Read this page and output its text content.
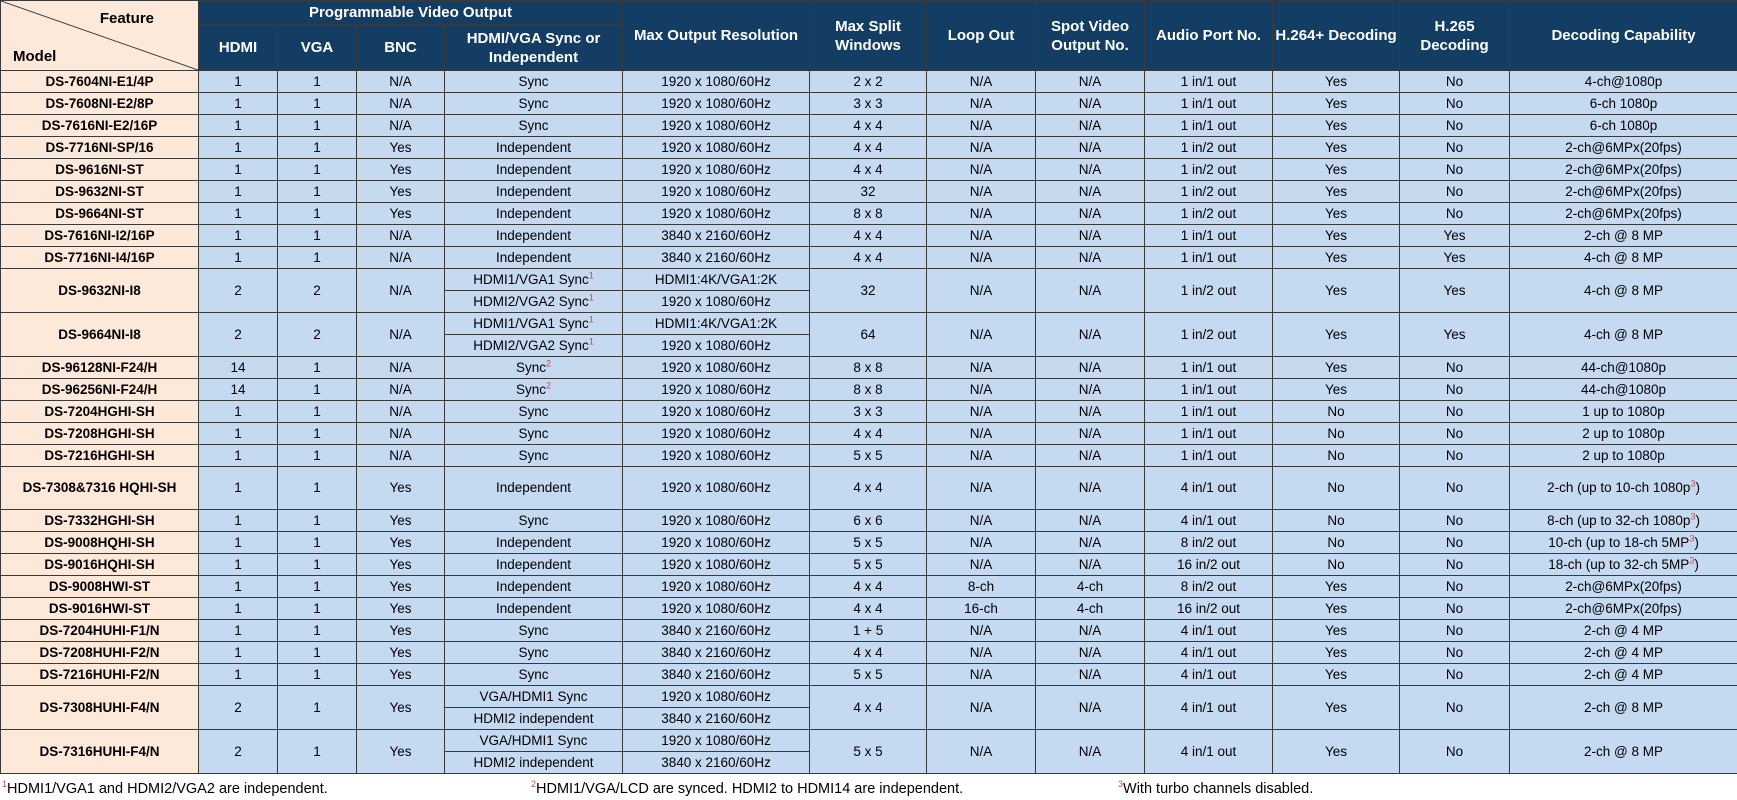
Feature
Model	Programmable Video Output				Max Output Resolution	Max Split Windows	Loop Out	Spot Video Output No.	Audio Port No.	H.264+ Decoding	H.265 Decoding	Decoding Capability
	HDMI	VGA	BNC	HDMI/VGA Sync or Independent								
DS-7604NI-E1/4P	1	1	N/A	Sync	1920 x 1080/60Hz	2 x 2	N/A	N/A	1 in/1 out	Yes	No	4-ch@1080p
DS-7608NI-E2/8P	1	1	N/A	Sync	1920 x 1080/60Hz	3 x 3	N/A	N/A	1 in/1 out	Yes	No	6-ch 1080p
DS-7616NI-E2/16P	1	1	N/A	Sync	1920 x 1080/60Hz	4 x 4	N/A	N/A	1 in/1 out	Yes	No	6-ch 1080p
DS-7716NI-SP/16	1	1	Yes	Independent	1920 x 1080/60Hz	4 x 4	N/A	N/A	1 in/2 out	Yes	No	2-ch@6MPx(20fps)
DS-9616NI-ST	1	1	Yes	Independent	1920 x 1080/60Hz	4 x 4	N/A	N/A	1 in/2 out	Yes	No	2-ch@6MPx(20fps)
DS-9632NI-ST	1	1	Yes	Independent	1920 x 1080/60Hz	32	N/A	N/A	1 in/2 out	Yes	No	2-ch@6MPx(20fps)
DS-9664NI-ST	1	1	Yes	Independent	1920 x 1080/60Hz	8 x 8	N/A	N/A	1 in/2 out	Yes	No	2-ch@6MPx(20fps)
DS-7616NI-I2/16P	1	1	N/A	Independent	3840 x 2160/60Hz	4 x 4	N/A	N/A	1 in/1 out	Yes	Yes	2-ch @ 8 MP
DS-7716NI-I4/16P	1	1	N/A	Independent	3840 x 2160/60Hz	4 x 4	N/A	N/A	1 in/1 out	Yes	Yes	4-ch @ 8 MP
DS-9632NI-I8	2	2	N/A	HDMI1/VGA1 Sync$^1$	HDMI1:4K/VGA1:2K	32	N/A	N/A	1 in/2 out	Yes	Yes	4-ch @ 8 MP
				HDMI2/VGA2 Sync$^1$	1920 x 1080/60Hz							
DS-9664NI-I8	2	2	N/A	HDMI1/VGA1 Sync$^1$	HDMI1:4K/VGA1:2K	64	N/A	N/A	1 in/2 out	Yes	Yes	4-ch @ 8 MP
				HDMI2/VGA2 Sync$^1$	1920 x 1080/60Hz							
DS-96128NI-F24/H	14	1	N/A	Sync$^2$	1920 x 1080/60Hz	8 x 8	N/A	N/A	1 in/1 out	Yes	No	44-ch@1080p
DS-96256NI-F24/H	14	1	N/A	Sync$^2$	1920 x 1080/60Hz	8 x 8	N/A	N/A	1 in/1 out	Yes	No	44-ch@1080p
DS-7204HGHI-SH	1	1	N/A	Sync	1920 x 1080/60Hz	3 x 3	N/A	N/A	1 in/1 out	No	No	1 up to 1080p
DS-7208HGHI-SH	1	1	N/A	Sync	1920 x 1080/60Hz	4 x 4	N/A	N/A	1 in/1 out	No	No	2 up to 1080p
DS-7216HGHI-SH	1	1	N/A	Sync	1920 x 1080/60Hz	5 x 5	N/A	N/A	1 in/1 out	No	No	2 up to 1080p
DS-7308&7316 HQHI-SH	1	1	Yes	Independent	1920 x 1080/60Hz	4 x 4	N/A	N/A	4 in/1 out	No	No	2-ch (up to 10-ch $1080p^3$)
DS-7332HGHI-SH	1	1	Yes	Sync	1920 x 1080/60Hz	6 x 6	N/A	N/A	4 in/1 out	No	No	8-ch (up to 32-ch $1080p^3$)
DS-9008HQHI-SH	1	1	Yes	Independent	1920 x 1080/60Hz	5 x 5	N/A	N/A	8 in/2 out	No	No	10-ch (up to 18-ch $5MP^3$)
DS-9016HQHI-SH	1	1	Yes	Independent	1920 x 1080/60Hz	5 x 5	N/A	N/A	16 in/2 out	No	No	18-ch (up to 32-ch $5MP^3$)
DS-9008HWI-ST	1	1	Yes	Independent	1920 x 1080/60Hz	4 x 4	8-ch	4-ch	8 in/2 out	Yes	No	2-ch@6MPx(20fps)
DS-9016HWI-ST	1	1	Yes	Independent	1920 x 1080/60Hz	4 x 4	16-ch	4-ch	16 in/2 out	Yes	No	2-ch@6MPx(20fps)
DS-7204HUHI-F1/N	1	1	Yes	Sync	3840 x 2160/60Hz	1 + 5	N/A	N/A	4 in/1 out	Yes	No	2-ch @ 4 MP
DS-7208HUHI-F2/N	1	1	Yes	Sync	3840 x 2160/60Hz	4 x 4	N/A	N/A	4 in/1 out	Yes	No	2-ch @ 4 MP
DS-7216HUHI-F2/N	1	1	Yes	Sync	3840 x 2160/60Hz	5 x 5	N/A	N/A	4 in/1 out	Yes	No	2-ch @ 4 MP
DS-7308HUHI-F4/N	2	1	Yes	VGA/HDMI1 Sync	1920 x 1080/60Hz	4 x 4	N/A	N/A	4 in/1 out	Yes	No	2-ch @ 8 MP
				HDMI2 independent	3840 x 2160/60Hz							
DS-7316HUHI-F4/N	2	1	Yes	VGA/HDMI1 Sync	1920 x 1080/60Hz	5 x 5	N/A	N/A	4 in/1 out	Yes	No	2-ch @ 8 MP
				HDMI2 independent	3840 x 2160/60Hz							
$^1$HDMI1/VGA1 and HDMI2/VGA2 are independent.	$^2$HDMI1/VGA/LCD are synced. HDMI2 to HDMI14 are independent.	$^3$With turbo channels disabled.
